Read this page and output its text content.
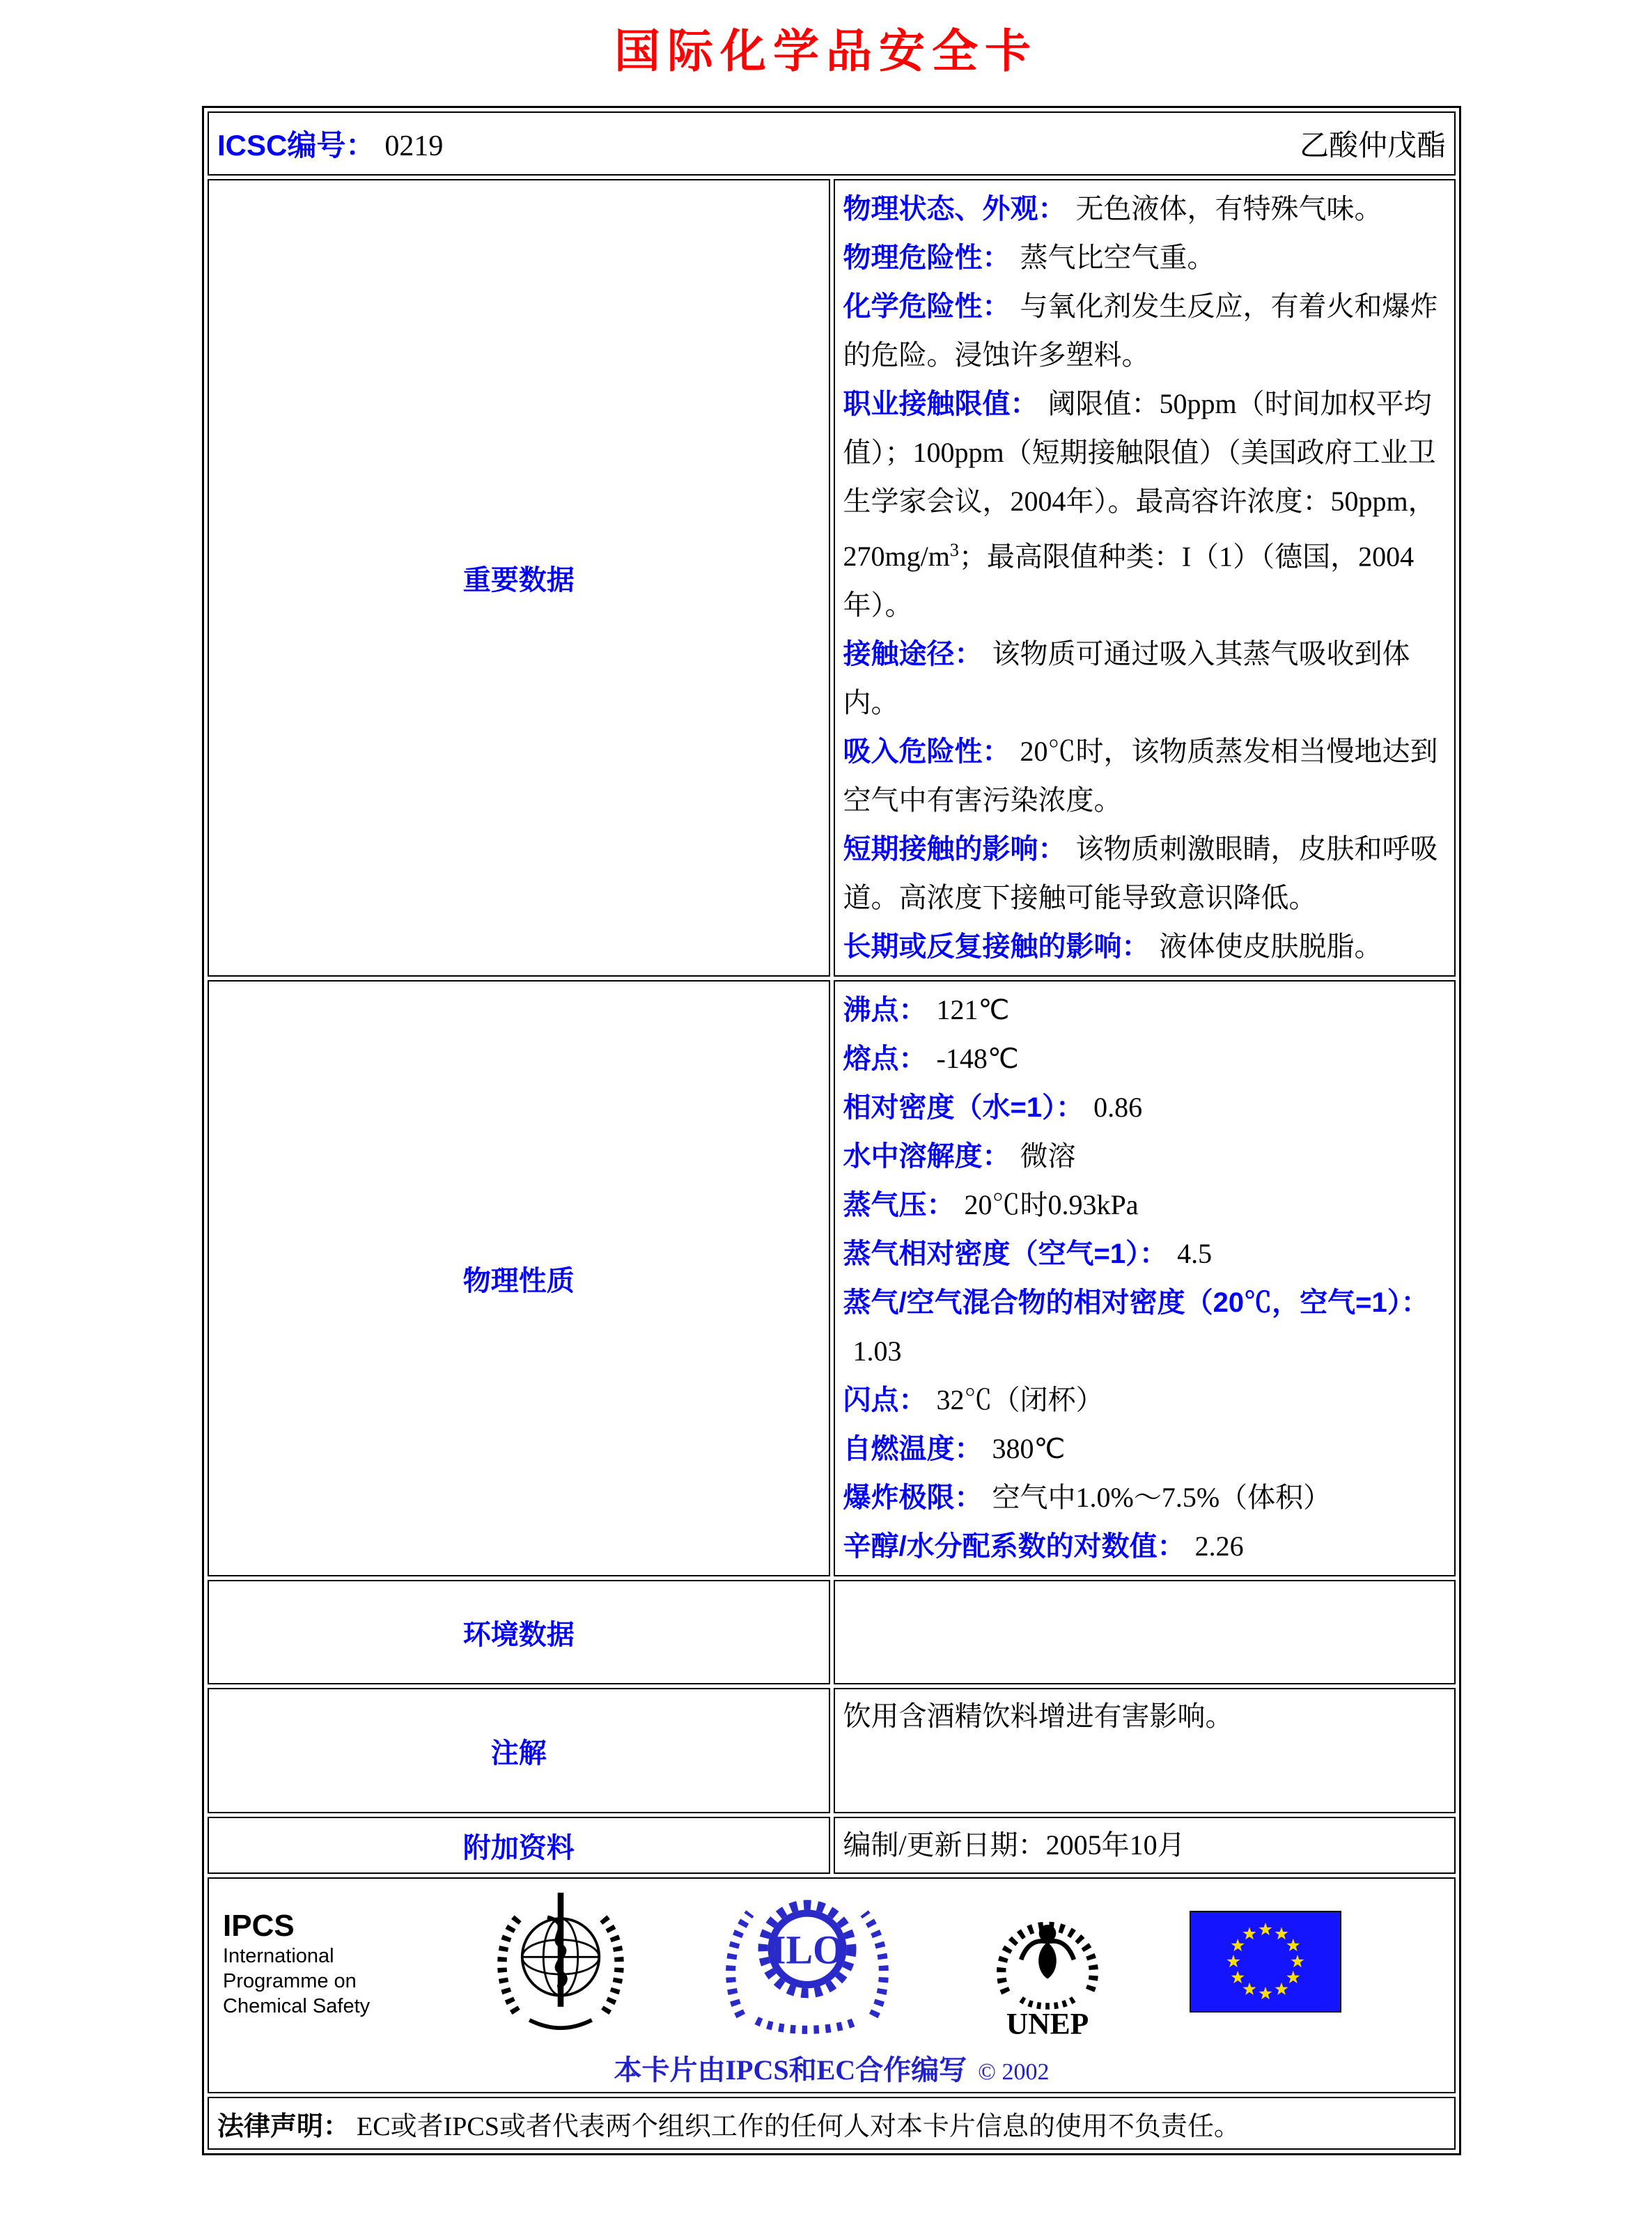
国际化学品安全卡
ICSC编号： 0219 乙酸仲戊酯	

重要数据	

物理状态、外观： 无色液体，有特殊气味。

物理危险性： 蒸气比空气重。

化学危险性： 与氧化剂发生反应，有着火和爆炸的危险。浸蚀许多塑料。

职业接触限值： 阈限值：50ppm（时间加权平均值）；100ppm（短期接触限值）（美国政府工业卫生学家会议，2004年）。最高容许浓度：50ppm，$270mg/m^3$；最高限值种类：I（1）（德国，2004年）。

接触途径： 该物质可通过吸入其蒸气吸收到体内。

吸入危险性： 20℃时，该物质蒸发相当慢地达到空气中有害污染浓度。

短期接触的影响： 该物质刺激眼睛，皮肤和呼吸道。高浓度下接触可能导致意识降低。

长期或反复接触的影响： 液体使皮肤脱脂。

物理性质	

沸点： 121℃

熔点： -148℃

相对密度（水=1）： 0.86

水中溶解度： 微溶

蒸气压： 20℃时0.93kPa

蒸气相对密度（空气=1）： 4.5

蒸气/空气混合物的相对密度（20℃，空气=1）：1.03

闪点： 32℃（闭杯）

自燃温度： 380℃

爆炸极限： 空气中1.0%～7.5%（体积）

辛醇/水分配系数的对数值： 2.26

环境数据	

注解	饮用含酒精饮料增进有害影响。

附加资料	编制/更新日期：2005年10月

IPCS
International
Programme on
Chemical Safety
ILO
UNEP
本卡片由IPCS和EC合作编写 © 2002

法律声明： EC或者IPCS或者代表两个组织工作的任何人对本卡片信息的使用不负责任。	
